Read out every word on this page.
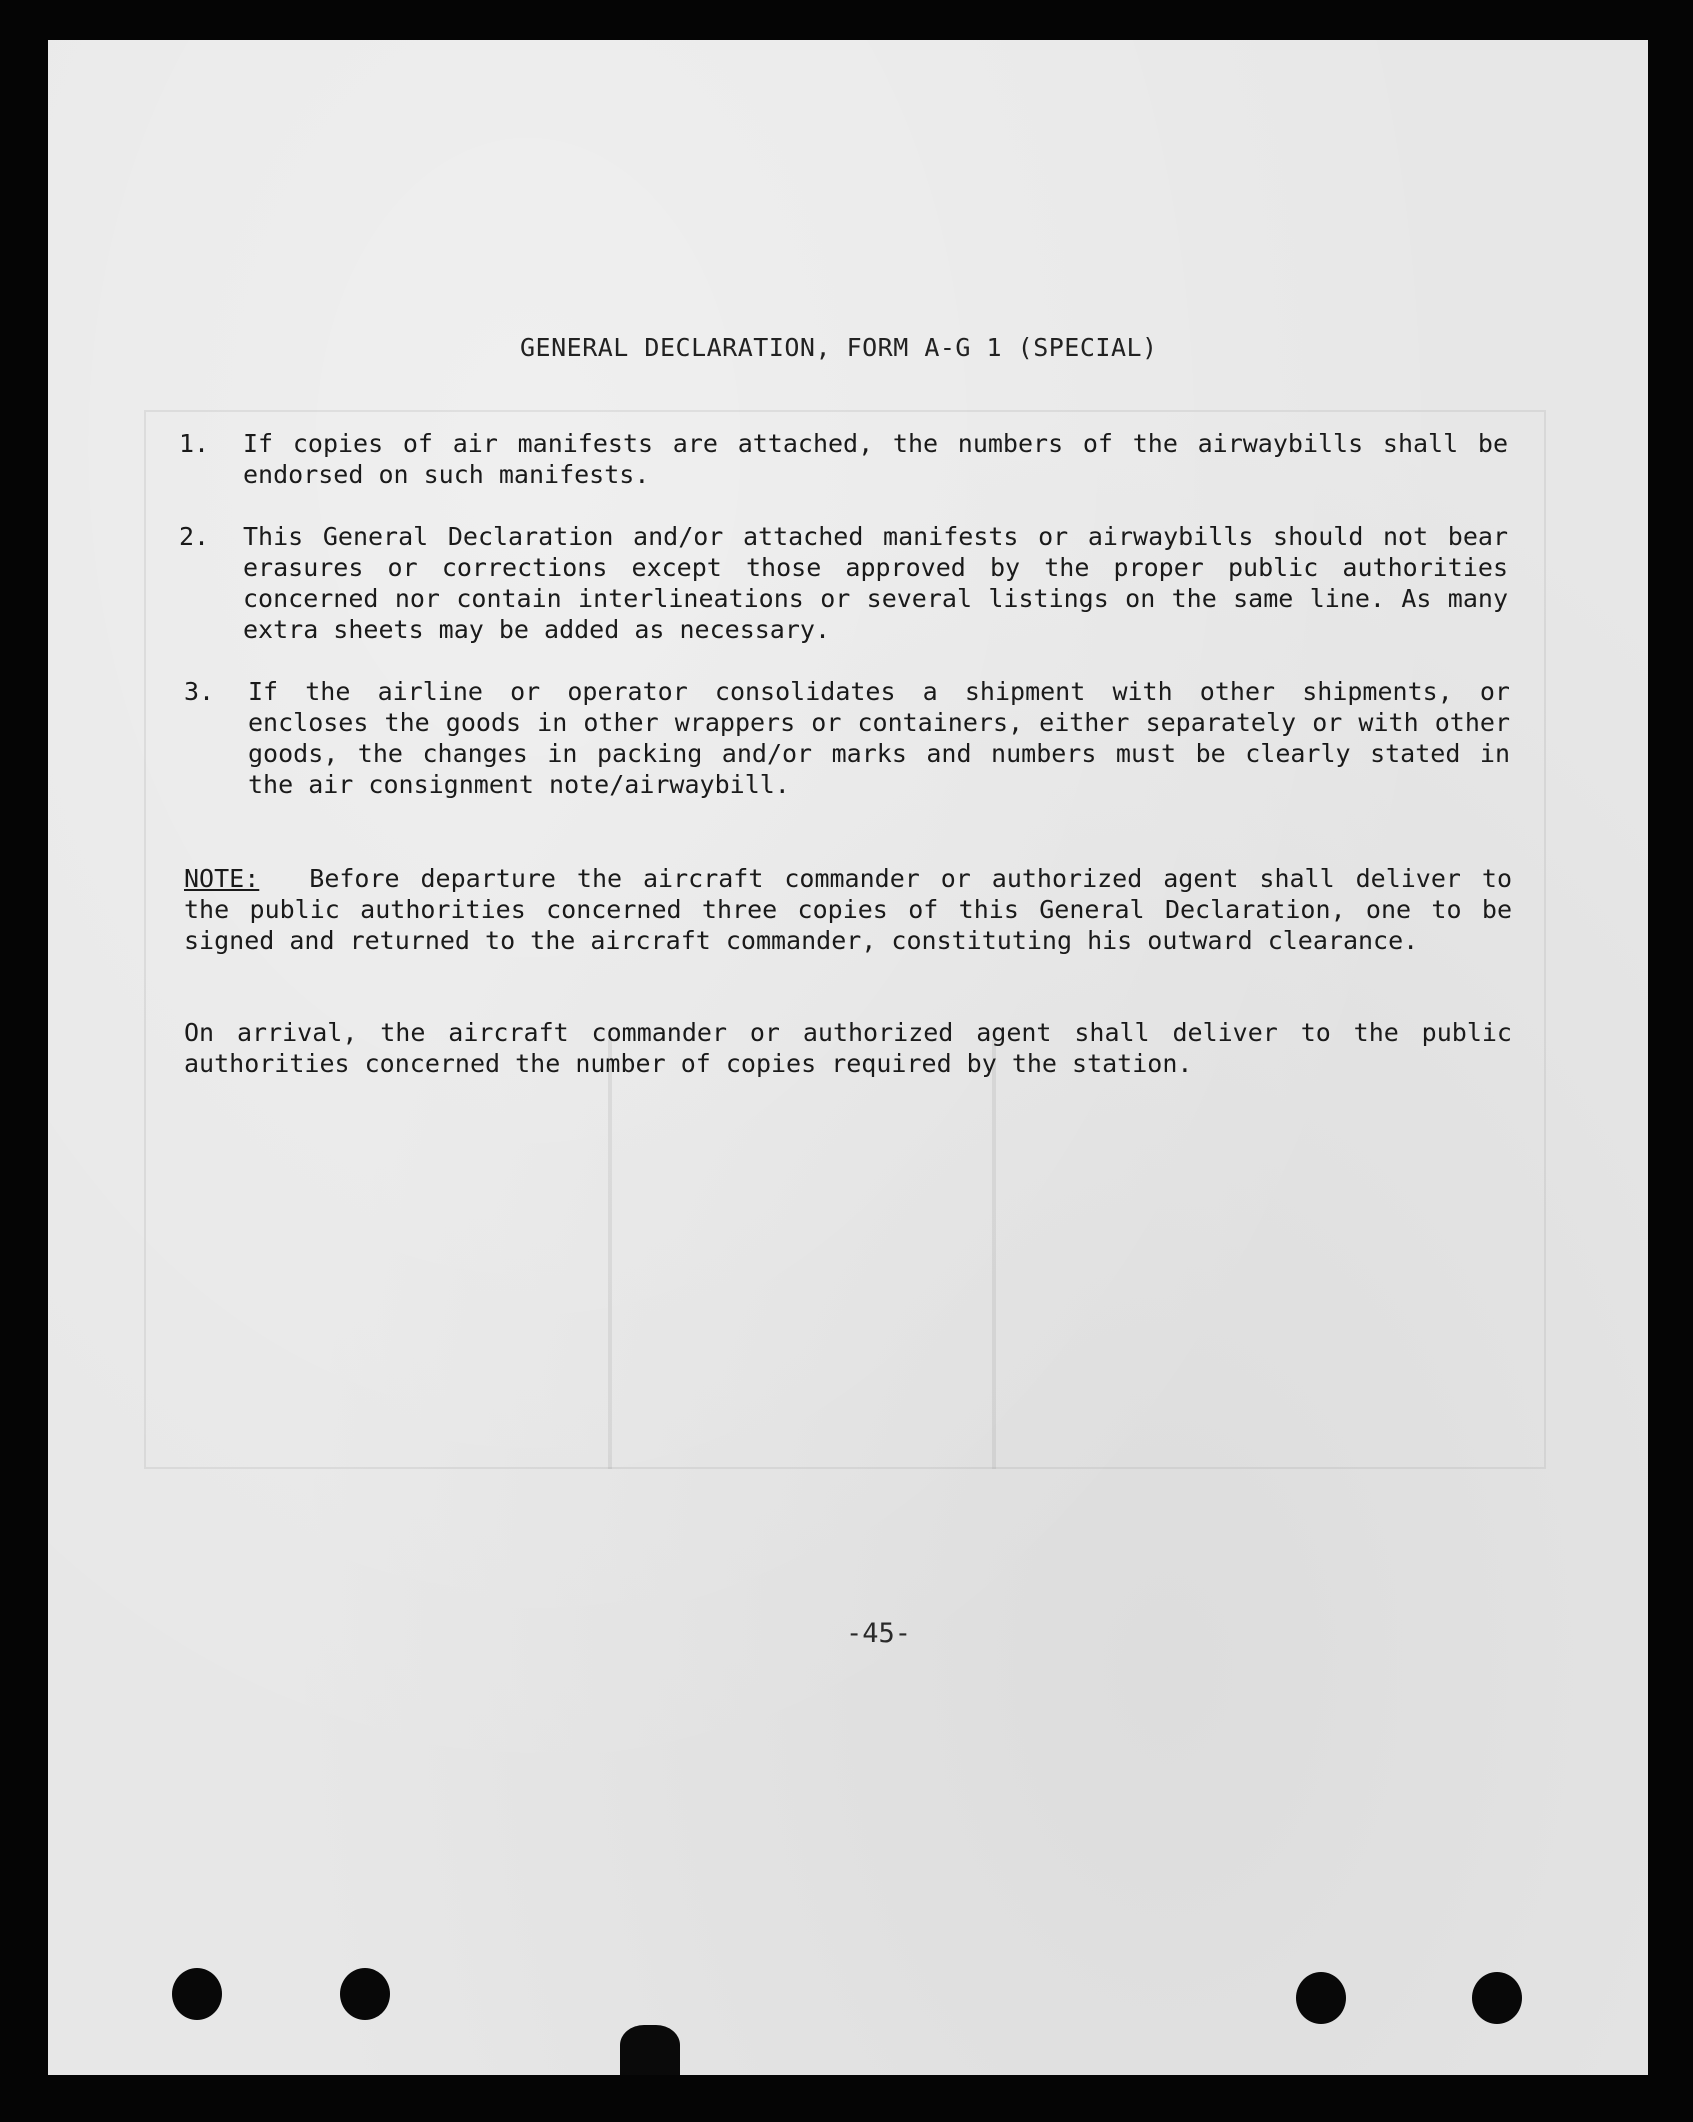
GENERAL DECLARATION, FORM A-G 1 (SPECIAL)
1. If copies of air manifests are attached, the numbers of the airwaybills shall be endorsed on such manifests.
2. This General Declaration and/or attached manifests or airwaybills should not bear erasures or corrections except those approved by the proper public authorities concerned nor contain interlineations or several listings on the same line. As many extra sheets may be added as necessary.
3. If the airline or operator consolidates a shipment with other shipments, or encloses the goods in other wrappers or containers, either separately or with other goods, the changes in packing and/or marks and numbers must be clearly stated in the air consignment note/airwaybill.
NOTE: Before departure the aircraft commander or authorized agent shall deliver to the public authorities concerned three copies of this General Declaration, one to be signed and returned to the aircraft commander, constituting his outward clearance.
On arrival, the aircraft commander or authorized agent shall deliver to the public authorities concerned the number of copies required by the station.
-45-
